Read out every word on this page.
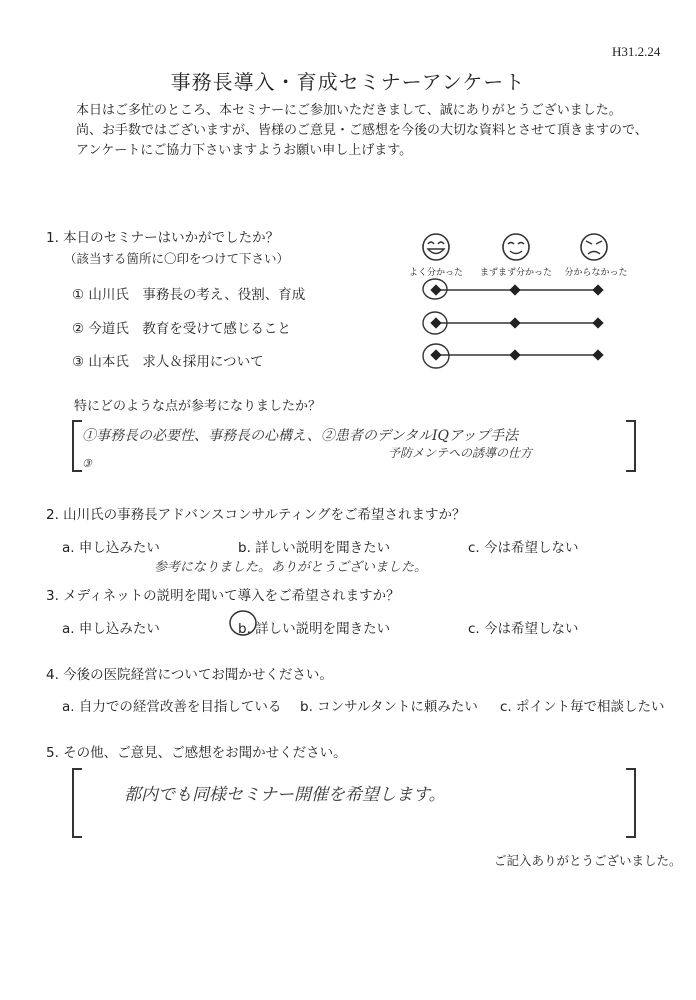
H31.2.24
事務長導入・育成セミナーアンケート
本日はご多忙のところ、本セミナーにご参加いただきまして、誠にありがとうございました。
尚、お手数ではございますが、皆様のご意見・ご感想を今後の大切な資料とさせて頂きますので、
アンケートにご協力下さいますようお願い申し上げます。
1. 本日のセミナーはいかがでしたか？
（該当する箇所に〇印をつけて下さい）
よく分かった	まずまず分かった	分からなかった
① 山川氏　事務長の考え、役割、育成
② 今道氏　教育を受けて感じること
③ 山本氏　求人＆採用について
特にどのような点が参考になりましたか？
①事務長の必要性、事務長の心構え、②患者のデンタルIQアップ手法
予防メンテへの誘導の仕方
③
2. 山川氏の事務長アドバンスコンサルティングをご希望されますか？
a. 申し込みたい	b. 詳しい説明を聞きたい	c. 今は希望しない
参考になりました。ありがとうございました。
3. メディネットの説明を聞いて導入をご希望されますか？
a. 申し込みたい	b. 詳しい説明を聞きたい	c. 今は希望しない
4. 今後の医院経営についてお聞かせください。
a. 自力での経営改善を目指している b. コンサルタントに頼みたい c. ポイント毎で相談したい
5. その他、ご意見、ご感想をお聞かせください。
都内でも同様セミナー開催を希望します。
ご記入ありがとうございました。
